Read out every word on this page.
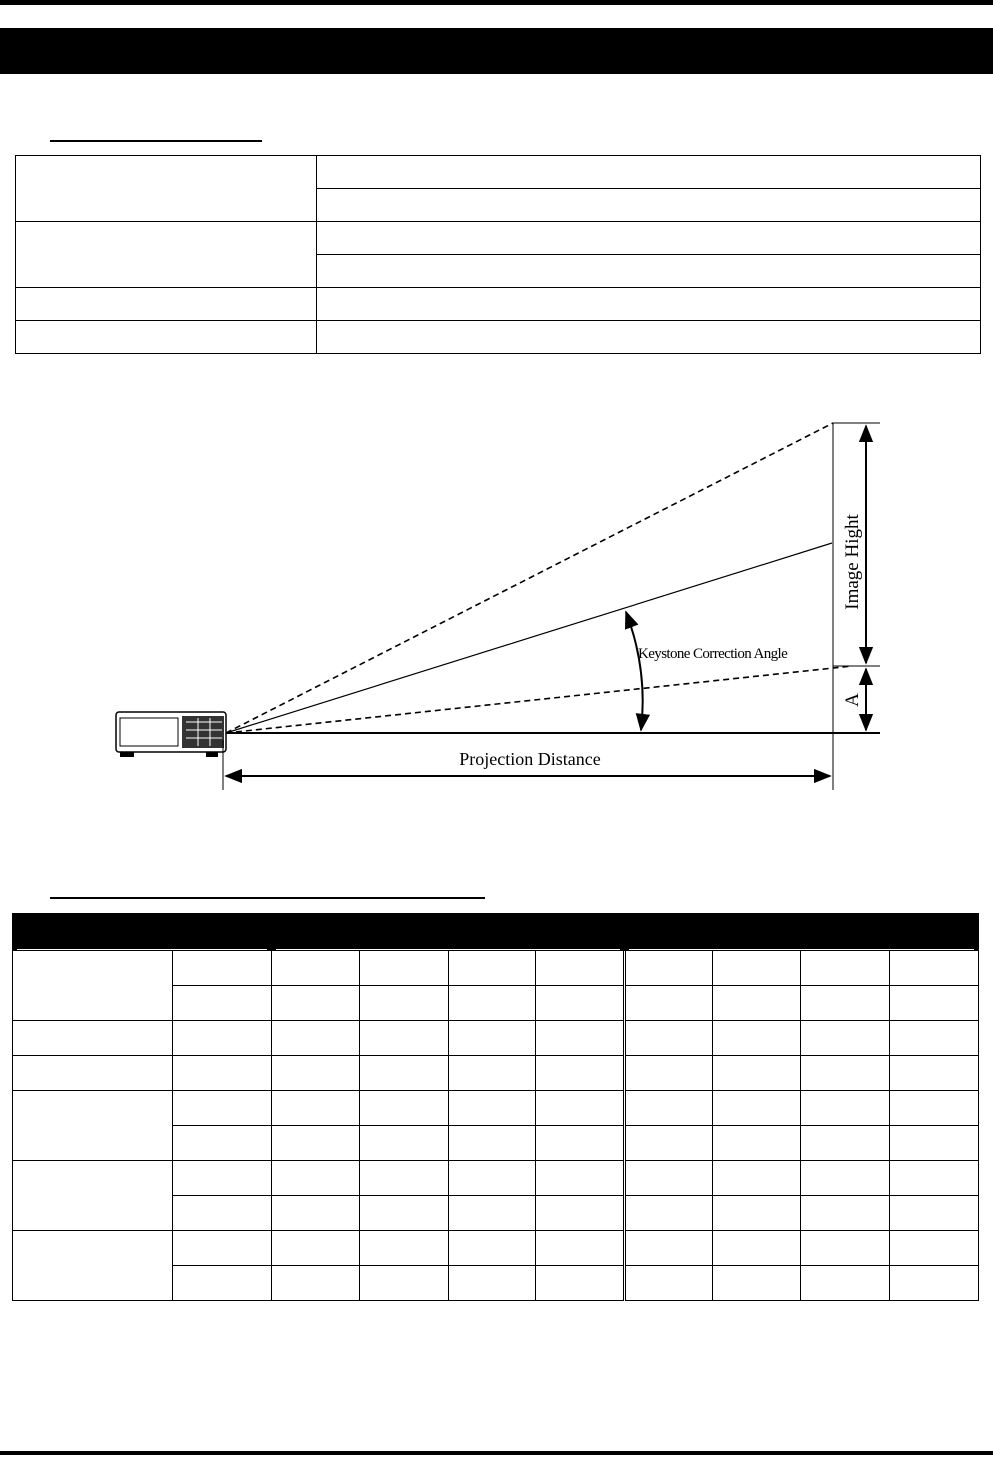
Image Hight
A
Keystone Correction Angle
Projection Distance
